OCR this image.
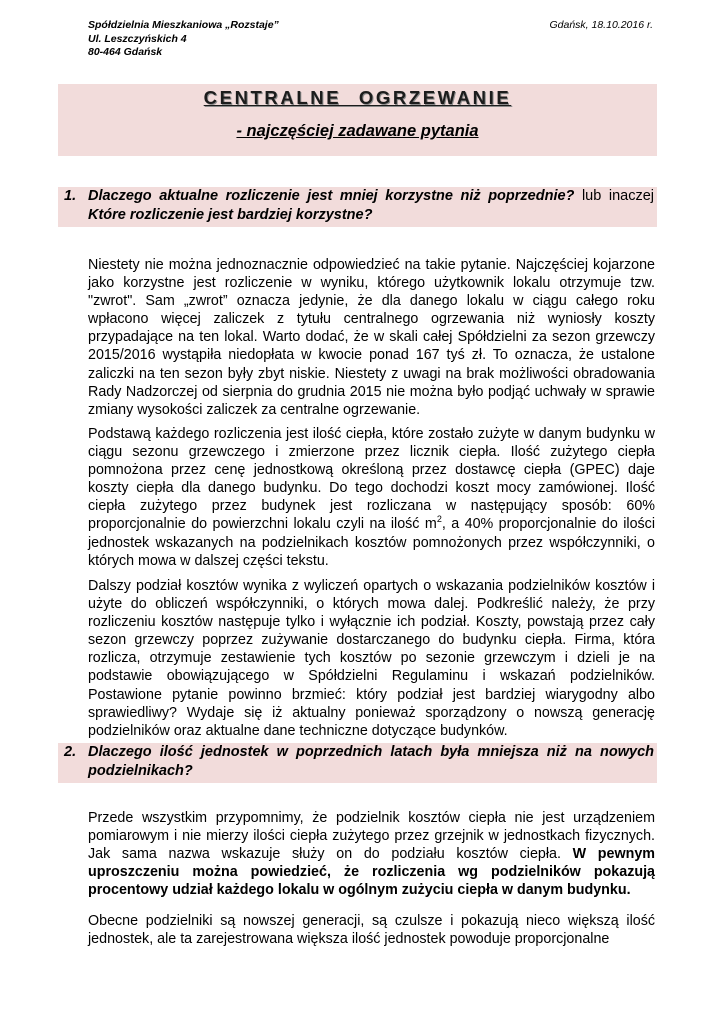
Spółdzielnia Mieszkaniowa „Rozstaje”
Ul. Leszczyńskich 4
80-464 Gdańsk
Gdańsk, 18.10.2016 r.
CENTRALNE OGRZEWANIE
- najczęściej zadawane pytania
1. Dlaczego aktualne rozliczenie jest mniej korzystne niż poprzednie? lub inaczej Które rozliczenie jest bardziej korzystne?

Niestety nie można jednoznacznie odpowiedzieć na takie pytanie. Najczęściej kojarzone jako korzystne jest rozliczenie w wyniku, którego użytkownik lokalu otrzymuje tzw. "zwrot". Sam „zwrot” oznacza jedynie, że dla danego lokalu w ciągu całego roku wpłacono więcej zaliczek z tytułu centralnego ogrzewania niż wyniosły koszty przypadające na ten lokal. Warto dodać, że w skali całej Spółdzielni za sezon grzewczy 2015/2016 wystąpiła niedopłata w kwocie ponad 167 tyś zł. To oznacza, że ustalone zaliczki na ten sezon były zbyt niskie. Niestety z uwagi na brak możliwości obradowania Rady Nadzorczej od sierpnia do grudnia 2015 nie można było podjąć uchwały w sprawie zmiany wysokości zaliczek za centralne ogrzewanie.

Podstawą każdego rozliczenia jest ilość ciepła, które zostało zużyte w danym budynku w ciągu sezonu grzewczego i zmierzone przez licznik ciepła. Ilość zużytego ciepła pomnożona przez cenę jednostkową określoną przez dostawcę ciepła (GPEC) daje koszty ciepła dla danego budynku. Do tego dochodzi koszt mocy zamówionej. Ilość ciepła zużytego przez budynek jest rozliczana w następujący sposób: 60% proporcjonalnie do powierzchni lokalu czyli na ilość $m^2$, a 40% proporcjonalnie do ilości jednostek wskazanych na podzielnikach kosztów pomnożonych przez współczynniki, o których mowa w dalszej części tekstu.

Dalszy podział kosztów wynika z wyliczeń opartych o wskazania podzielników kosztów i użyte do obliczeń współczynniki, o których mowa dalej. Podkreślić należy, że przy rozliczeniu kosztów następuje tylko i wyłącznie ich podział. Koszty, powstają przez cały sezon grzewczy poprzez zużywanie dostarczanego do budynku ciepła. Firma, która rozlicza, otrzymuje zestawienie tych kosztów po sezonie grzewczym i dzieli je na podstawie obowiązującego w Spółdzielni Regulaminu i wskazań podzielników. Postawione pytanie powinno brzmieć: który podział jest bardziej wiarygodny albo sprawiedliwy? Wydaje się iż aktualny ponieważ sporządzony o nowszą generację podzielników oraz aktualne dane techniczne dotyczące budynków.

2. Dlaczego ilość jednostek w poprzednich latach była mniejsza niż na nowych podzielnikach?

Przede wszystkim przypomnimy, że podzielnik kosztów ciepła nie jest urządzeniem pomiarowym i nie mierzy ilości ciepła zużytego przez grzejnik w jednostkach fizycznych. Jak sama nazwa wskazuje służy on do podziału kosztów ciepła. W pewnym uproszczeniu można powiedzieć, że rozliczenia wg podzielników pokazują procentowy udział każdego lokalu w ogólnym zużyciu ciepła w danym budynku.

Obecne podzielniki są nowszej generacji, są czulsze i pokazują nieco większą ilość jednostek, ale ta zarejestrowana większa ilość jednostek powoduje proporcjonalne
